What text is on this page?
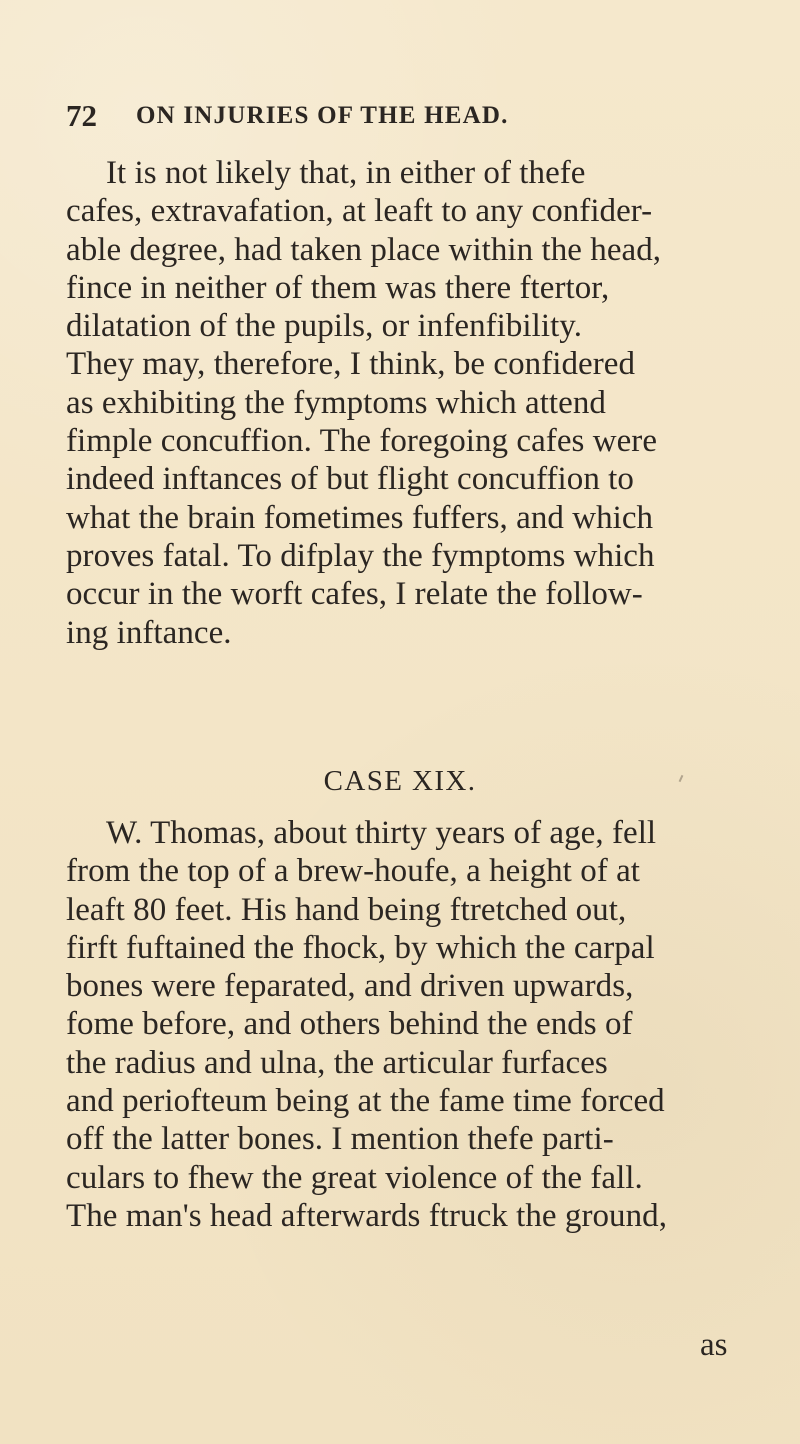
72 ON INJURIES OF THE HEAD.

It is not likely that, in either of thefe

cafes, extravafation, at leaft to any confider-

able degree, had taken place within the head,

fince in neither of them was there ftertor,

dilatation of the pupils, or infenfibility.

They may, therefore, I think, be confidered

as exhibiting the fymptoms which attend

fimple concuffion. The foregoing cafes were

indeed inftances of but flight concuffion to

what the brain fometimes fuffers, and which

proves fatal. To difplay the fymptoms which

occur in the worft cafes, I relate the follow-

ing inftance.

CASE XIX.

W. Thomas, about thirty years of age, fell

from the top of a brew-houfe, a height of at

leaft 80 feet. His hand being ftretched out,

firft fuftained the fhock, by which the carpal

bones were feparated, and driven upwards,

fome before, and others behind the ends of

the radius and ulna, the articular furfaces

and periofteum being at the fame time forced

off the latter bones. I mention thefe parti-

culars to fhew the great violence of the fall.

The man's head afterwards ftruck the ground,

as
